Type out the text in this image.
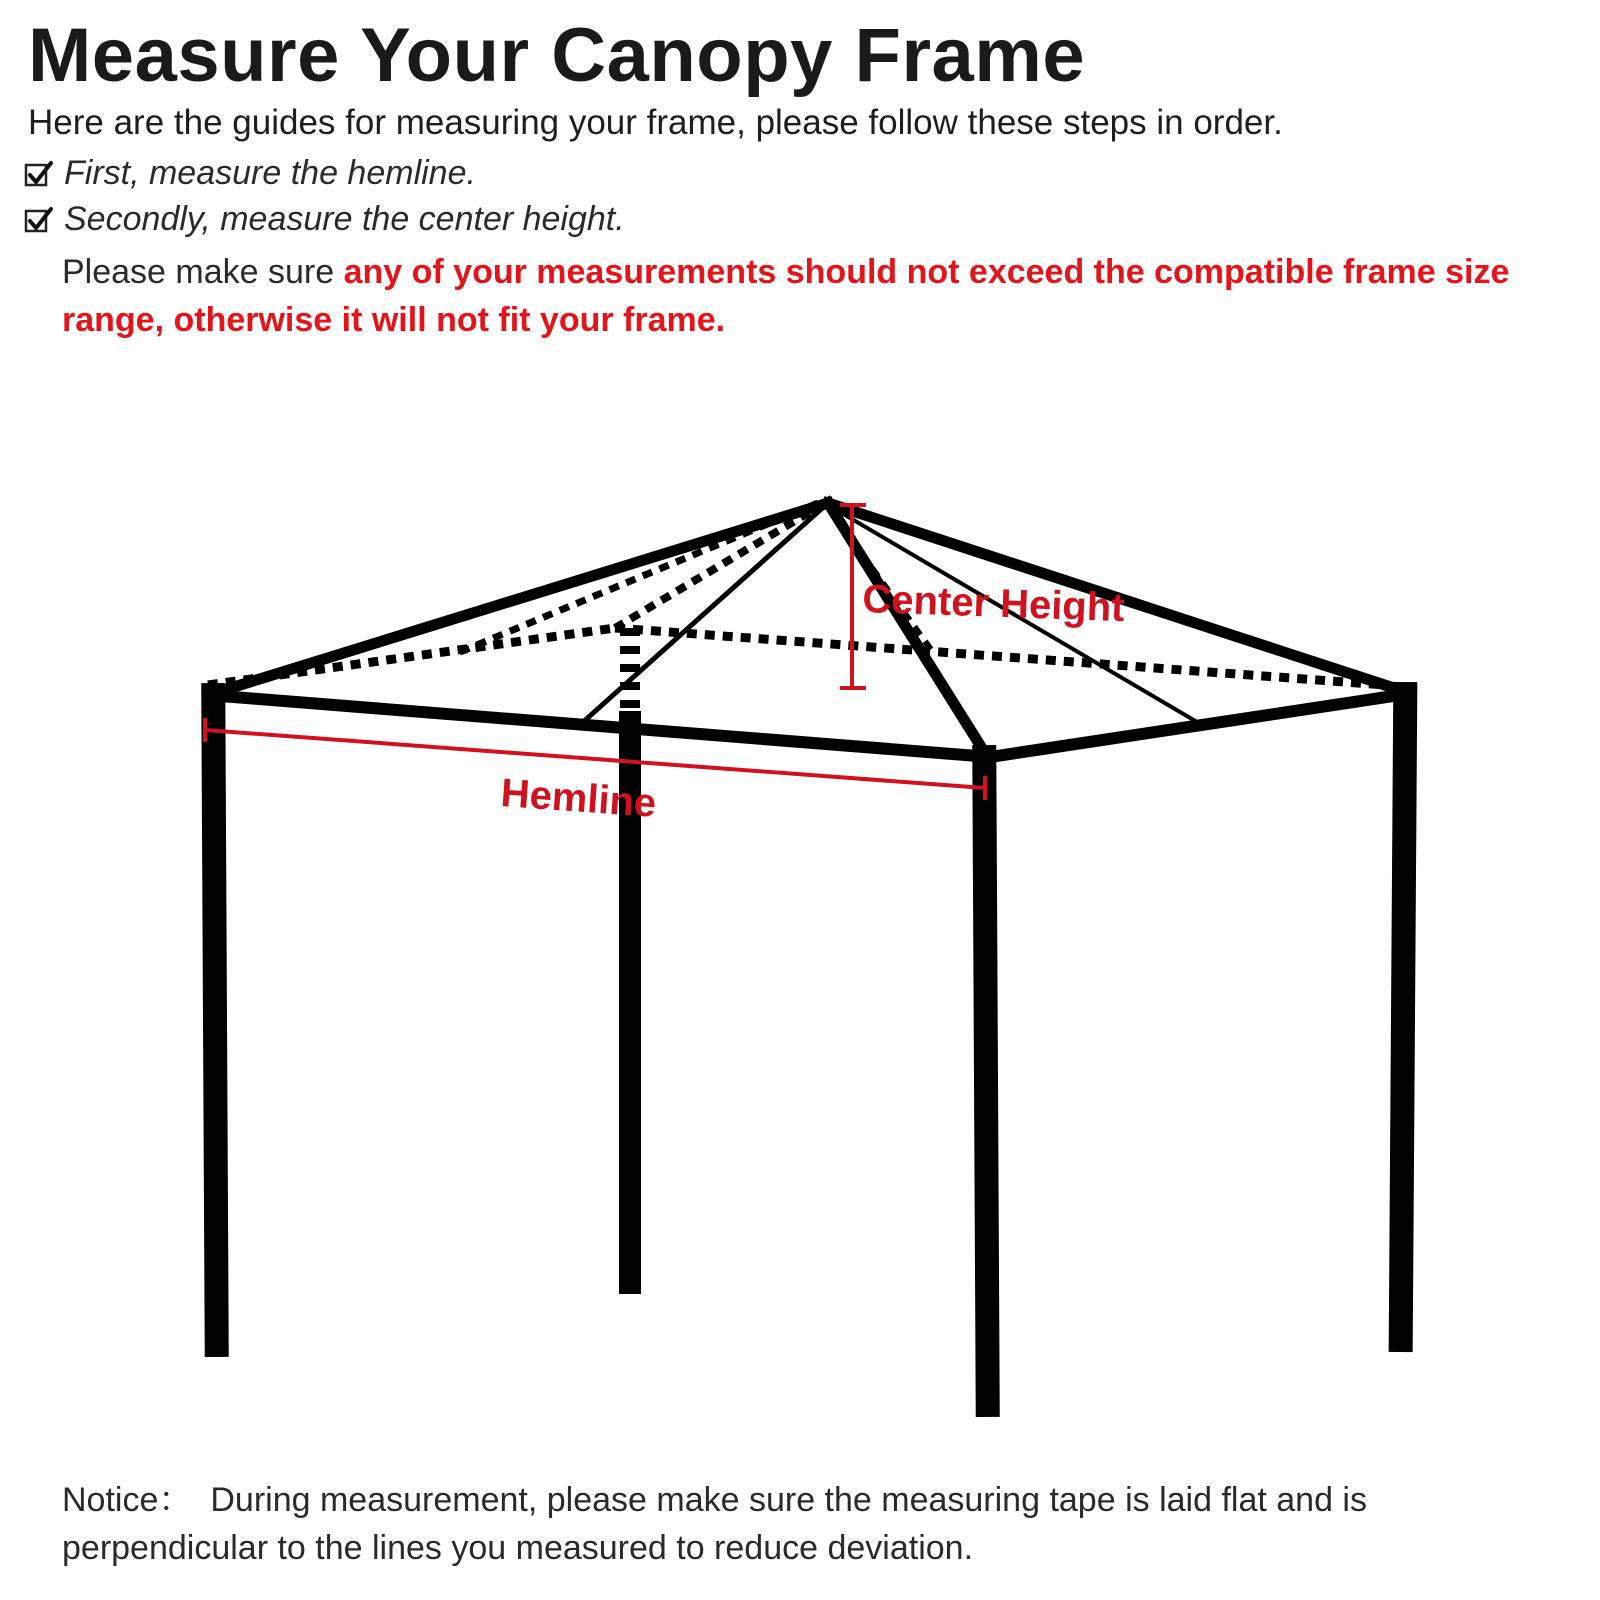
Measure Your Canopy Frame
Here are the guides for measuring your frame, please follow these steps in order.
First, measure the hemline.
Secondly, measure the center height.
Please make sure any of your measurements should not exceed the compatible frame size range, otherwise it will not fit your frame.
Center Height
Hemline
Notice： During measurement, please make sure the measuring tape is laid flat and is perpendicular to the lines you measured to reduce deviation.
